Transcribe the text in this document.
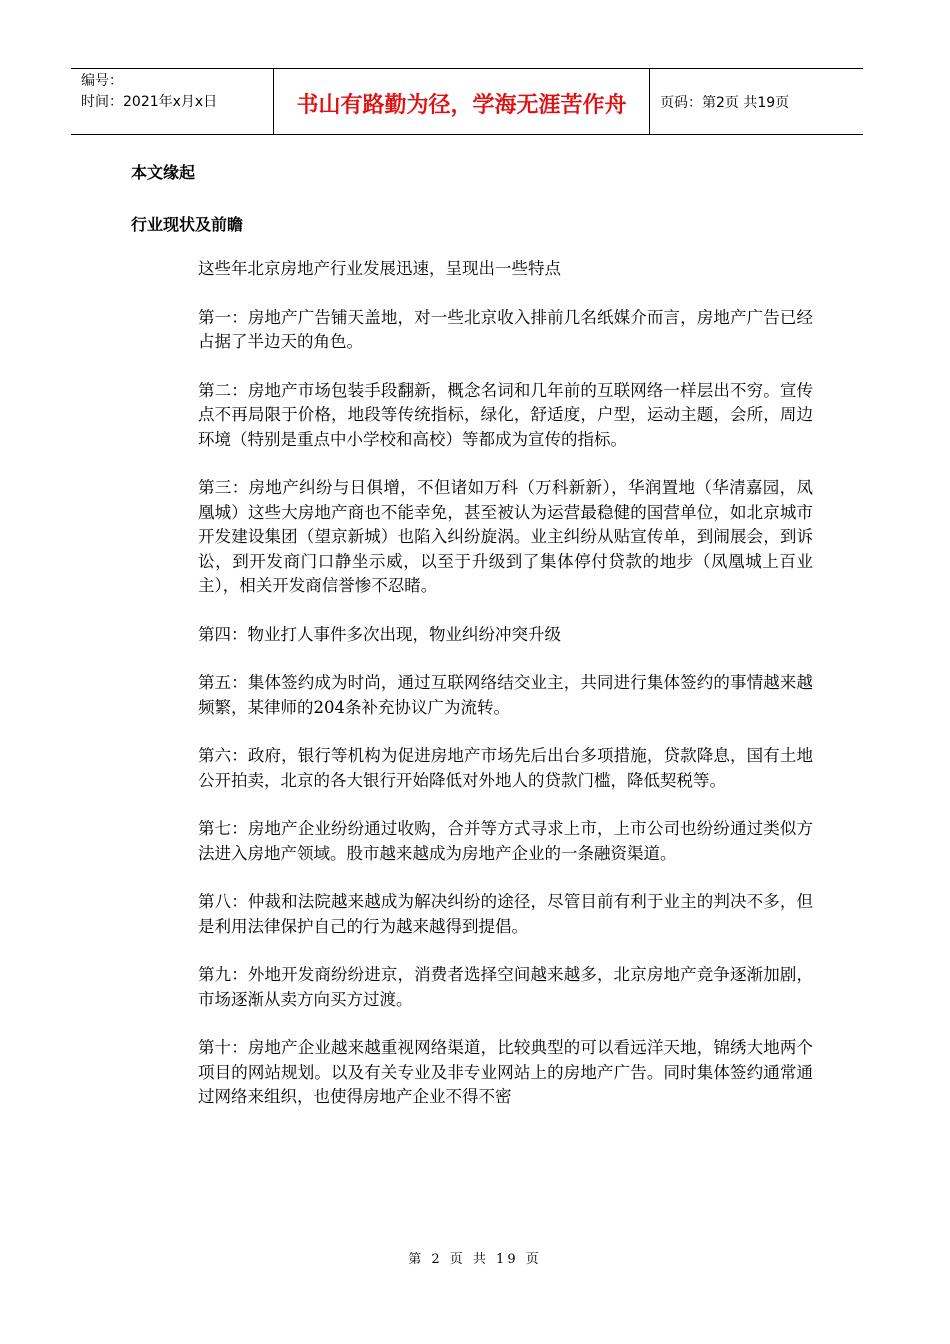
编号：
时间：2021年x月x日	书山有路勤为径，学海无涯苦作舟	页码：第2页 共19页
本文缘起
行业现状及前瞻

这些年北京房地产行业发展迅速，呈现出一些特点

第一：房地产广告铺天盖地，对一些北京收入排前几名纸媒介而言，房地产广告已经占据了半边天的角色。

第二：房地产市场包装手段翻新，概念名词和几年前的互联网络一样层出不穷。宣传点不再局限于价格，地段等传统指标，绿化，舒适度，户型，运动主题，会所，周边环境（特别是重点中小学校和高校）等都成为宣传的指标。

第三：房地产纠纷与日俱增，不但诸如万科（万科新新），华润置地（华清嘉园，凤凰城）这些大房地产商也不能幸免，甚至被认为运营最稳健的国营单位，如北京城市开发建设集团（望京新城）也陷入纠纷旋涡。业主纠纷从贴宣传单，到闹展会，到诉讼，到开发商门口静坐示威，以至于升级到了集体停付贷款的地步（凤凰城上百业主），相关开发商信誉惨不忍睹。

第四：物业打人事件多次出现，物业纠纷冲突升级

第五：集体签约成为时尚，通过互联网络结交业主，共同进行集体签约的事情越来越频繁，某律师的204条补充协议广为流转。

第六：政府，银行等机构为促进房地产市场先后出台多项措施，贷款降息，国有土地公开拍卖，北京的各大银行开始降低对外地人的贷款门槛，降低契税等。

第七：房地产企业纷纷通过收购，合并等方式寻求上市，上市公司也纷纷通过类似方法进入房地产领域。股市越来越成为房地产企业的一条融资渠道。

第八：仲裁和法院越来越成为解决纠纷的途径，尽管目前有利于业主的判决不多，但是利用法律保护自己的行为越来越得到提倡。

第九：外地开发商纷纷进京，消费者选择空间越来越多，北京房地产竞争逐渐加剧，市场逐渐从卖方向买方过渡。

第十：房地产企业越来越重视网络渠道，比较典型的可以看远洋天地，锦绣大地两个项目的网站规划。以及有关专业及非专业网站上的房地产广告。同时集体签约通常通过网络来组织，也使得房地产企业不得不密

第 2 页 共 19 页
